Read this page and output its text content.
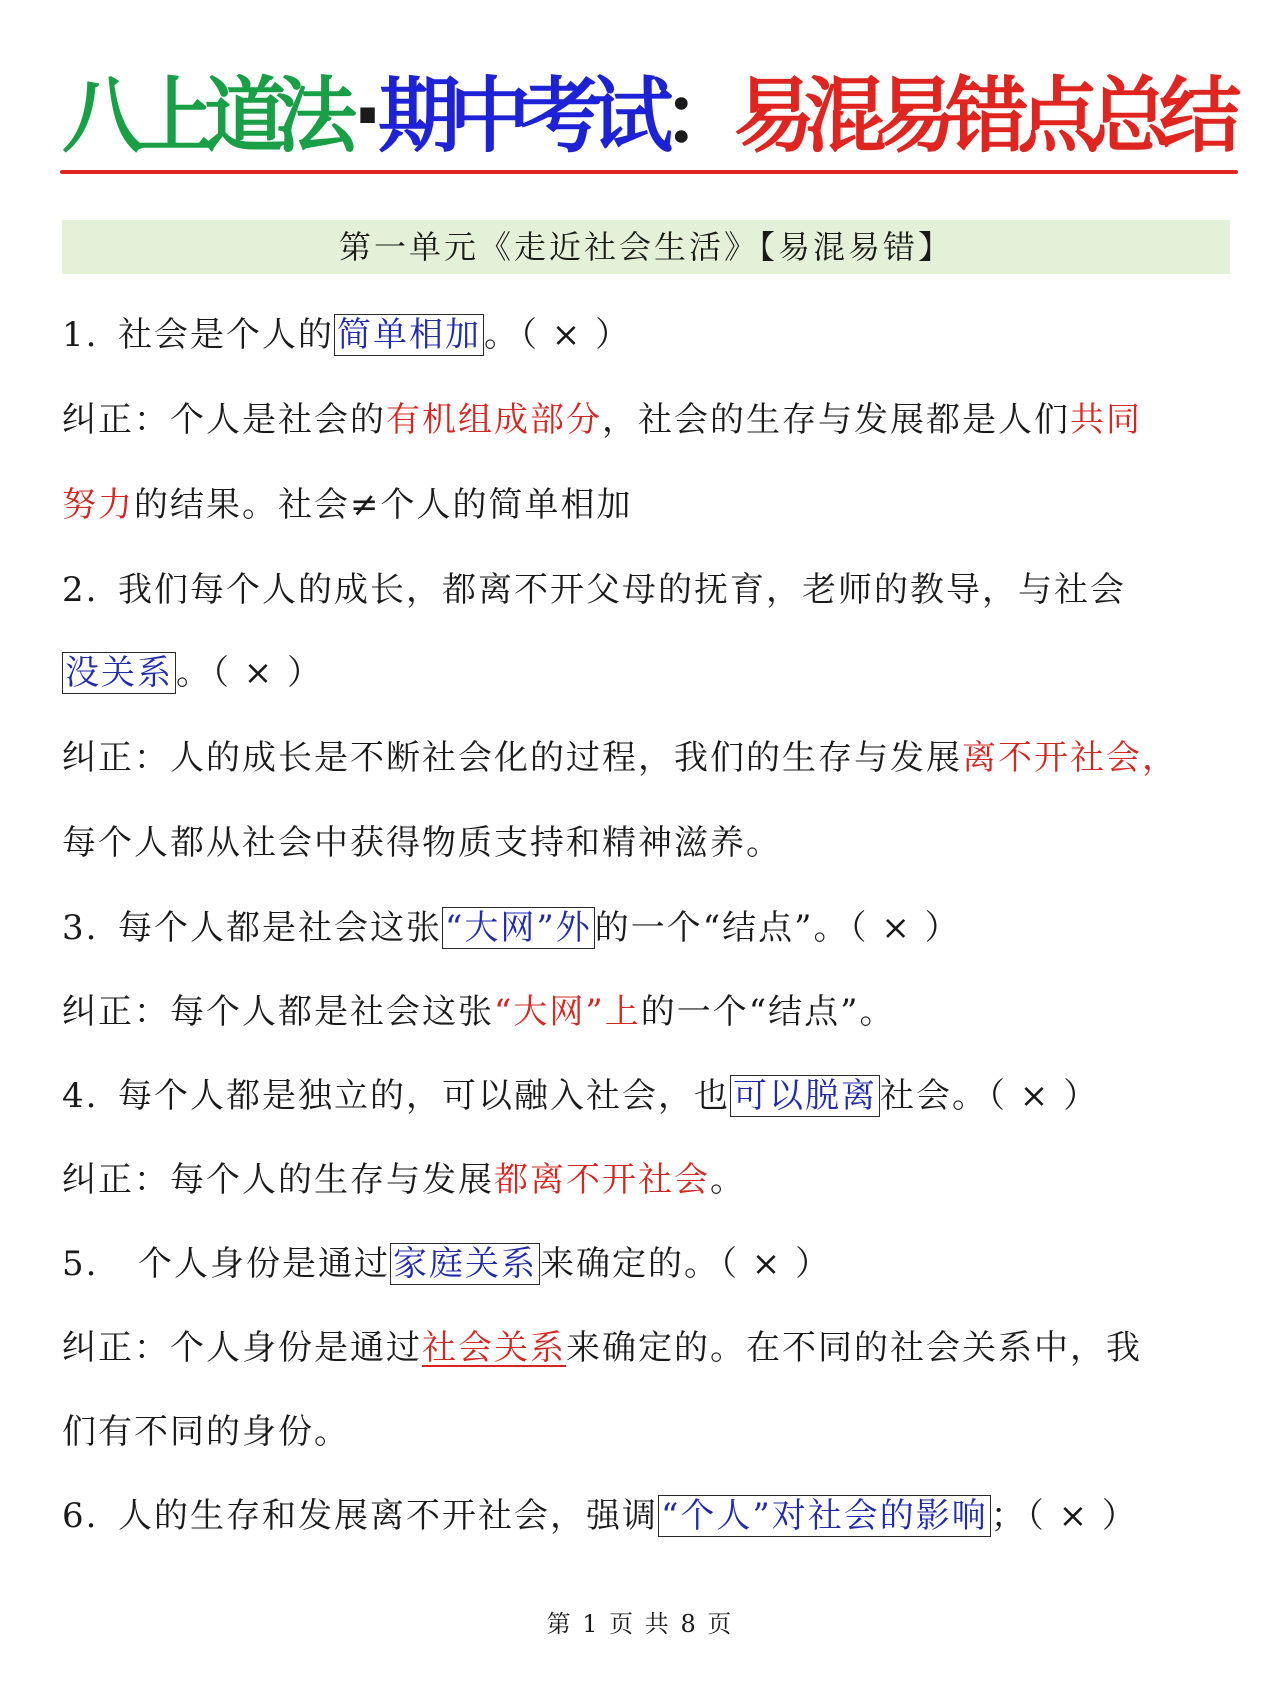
八上道法·期中考试：易混易错点总结
第一单元《走近社会生活》【易混易错】
1. 社会是个人的简单相加。（ × ）
纠正：个人是社会的有机组成部分，社会的生存与发展都是人们共同
努力的结果。社会≠个人的简单相加
2. 我们每个人的成长，都离不开父母的抚育，老师的教导，与社会
没关系。（ × ）
纠正：人的成长是不断社会化的过程，我们的生存与发展离不开社会，
每个人都从社会中获得物质支持和精神滋养。
3. 每个人都是社会这张“大网”外的一个“结点”。（ × ）
纠正：每个人都是社会这张“大网”上的一个“结点”。
4. 每个人都是独立的，可以融入社会，也可以脱离社会。（ × ）
纠正：每个人的生存与发展都离不开社会。
5. 个人身份是通过家庭关系来确定的。（ × ）
纠正：个人身份是通过社会关系来确定的。在不同的社会关系中，我
们有不同的身份。
6. 人的生存和发展离不开社会，强调“个人”对社会的影响；（ × ）
第 1 页 共 8 页
